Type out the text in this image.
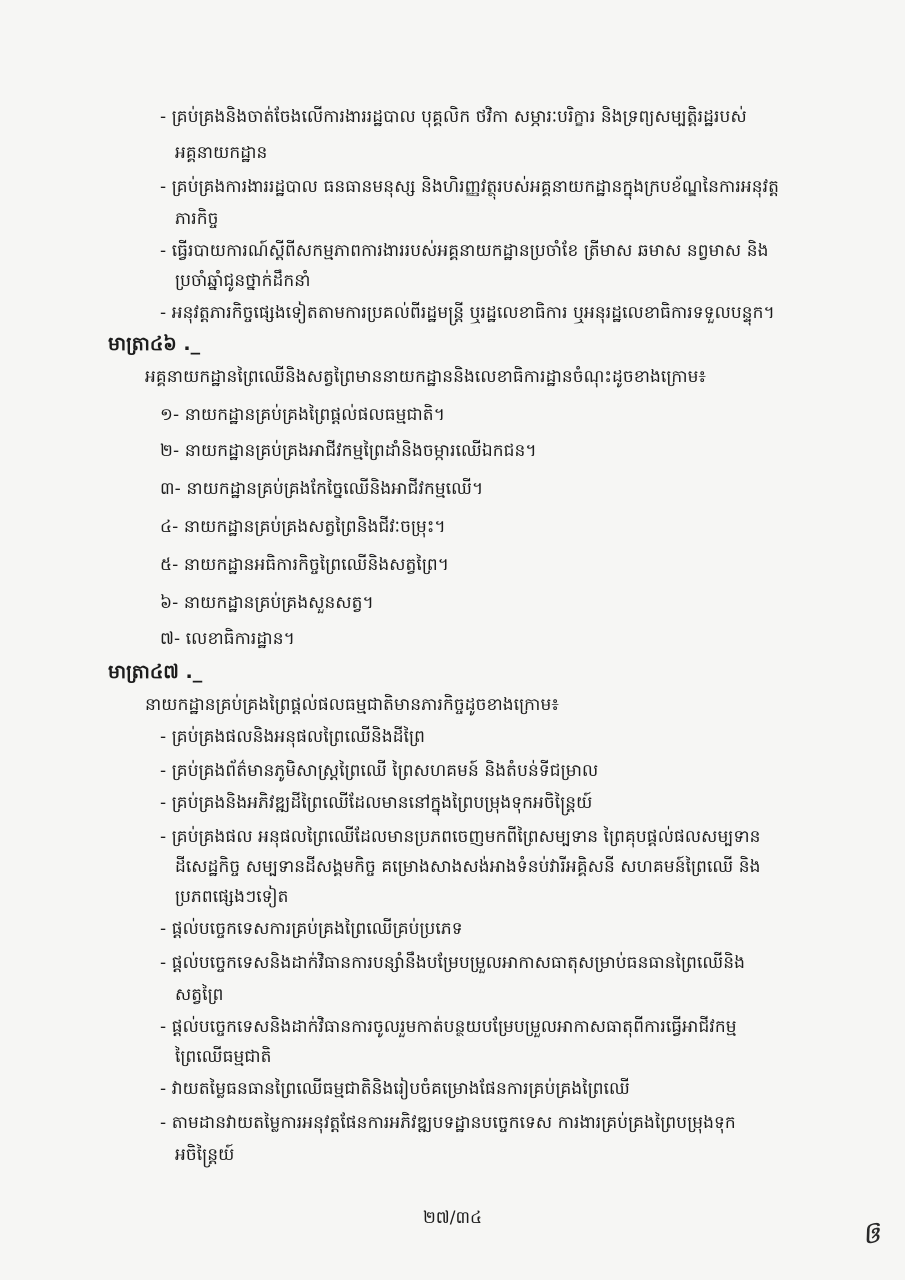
- គ្រប់គ្រងនិងចាត់ចែងលើការងាររដ្ឋបាល បុគ្គលិក ថវិកា សម្ភារៈបរិក្ខារ និងទ្រព្យសម្បត្តិរដ្ឋរបស់
អគ្គនាយកដ្ឋាន
- គ្រប់គ្រងការងាររដ្ឋបាល ធនធានមនុស្ស និងហិរញ្ញវត្ថុរបស់អគ្គនាយកដ្ឋានក្នុងក្របខ័ណ្ឌនៃការអនុវត្ត
ភារកិច្ច
- ធ្វើរបាយការណ៍ស្តីពីសកម្មភាពការងាររបស់អគ្គនាយកដ្ឋានប្រចាំខែ ត្រីមាស ឆមាស នព្វមាស និង
ប្រចាំឆ្នាំជូនថ្នាក់ដឹកនាំ
- អនុវត្តភារកិច្ចផ្សេងទៀតតាមការប្រគល់ពីរដ្ឋមន្ត្រី ឬរដ្ឋលេខាធិការ ឬអនុរដ្ឋលេខាធិការទទួលបន្ទុក។
មាត្រា៤៦ ._
អគ្គនាយកដ្ឋានព្រៃឈើនិងសត្វព្រៃមាននាយកដ្ឋាននិងលេខាធិការដ្ឋានចំណុះដូចខាងក្រោម៖
១- នាយកដ្ឋានគ្រប់គ្រងព្រៃផ្តល់ផលធម្មជាតិ។
២- នាយកដ្ឋានគ្រប់គ្រងអាជីវកម្មព្រៃដាំនិងចម្ការឈើឯកជន។
៣- នាយកដ្ឋានគ្រប់គ្រងកែច្នៃឈើនិងអាជីវកម្មឈើ។
៤- នាយកដ្ឋានគ្រប់គ្រងសត្វព្រៃនិងជីវៈចម្រុះ។
៥- នាយកដ្ឋានអធិការកិច្ចព្រៃឈើនិងសត្វព្រៃ។
៦- នាយកដ្ឋានគ្រប់គ្រងសួនសត្វ។
៧- លេខាធិការដ្ឋាន។
មាត្រា៤៧ ._
នាយកដ្ឋានគ្រប់គ្រងព្រៃផ្តល់ផលធម្មជាតិមានភារកិច្ចដូចខាងក្រោម៖
- គ្រប់គ្រងផលនិងអនុផលព្រៃឈើនិងដីព្រៃ
- គ្រប់គ្រងព័ត៌មានភូមិសាស្ត្រព្រៃឈើ ព្រៃសហគមន៍ និងតំបន់ទីជម្រាល
- គ្រប់គ្រងនិងអភិវឌ្ឍដីព្រៃឈើដែលមាននៅក្នុងព្រៃបម្រុងទុកអចិន្ត្រៃយ៍
- គ្រប់គ្រងផល អនុផលព្រៃឈើដែលមានប្រភពចេញមកពីព្រៃសម្បទាន ព្រៃគុបផ្តល់ផលសម្បទាន
ដីសេដ្ឋកិច្ច សម្បទានដីសង្គមកិច្ច គម្រោងសាងសង់អាងទំនប់វារីអគ្គិសនី សហគមន៍ព្រៃឈើ និង
ប្រភពផ្សេងៗទៀត
- ផ្តល់បច្ចេកទេសការគ្រប់គ្រងព្រៃឈើគ្រប់ប្រភេទ
- ផ្តល់បច្ចេកទេសនិងដាក់វិធានការបន្សាំនឹងបម្រែបម្រួលអាកាសធាតុសម្រាប់ធនធានព្រៃឈើនិង
សត្វព្រៃ
- ផ្តល់បច្ចេកទេសនិងដាក់វិធានការចូលរួមកាត់បន្ថយបម្រែបម្រួលអាកាសធាតុពីការធ្វើអាជីវកម្ម
ព្រៃឈើធម្មជាតិ
- វាយតម្លៃធនធានព្រៃឈើធម្មជាតិនិងរៀបចំគម្រោងផែនការគ្រប់គ្រងព្រៃឈើ
- តាមដានវាយតម្លៃការអនុវត្តផែនការអភិវឌ្ឍបទដ្ឋានបច្ចេកទេស ការងារគ្រប់គ្រងព្រៃបម្រុងទុក
អចិន្ត្រៃយ៍
២៧/៣៤	ឲ
